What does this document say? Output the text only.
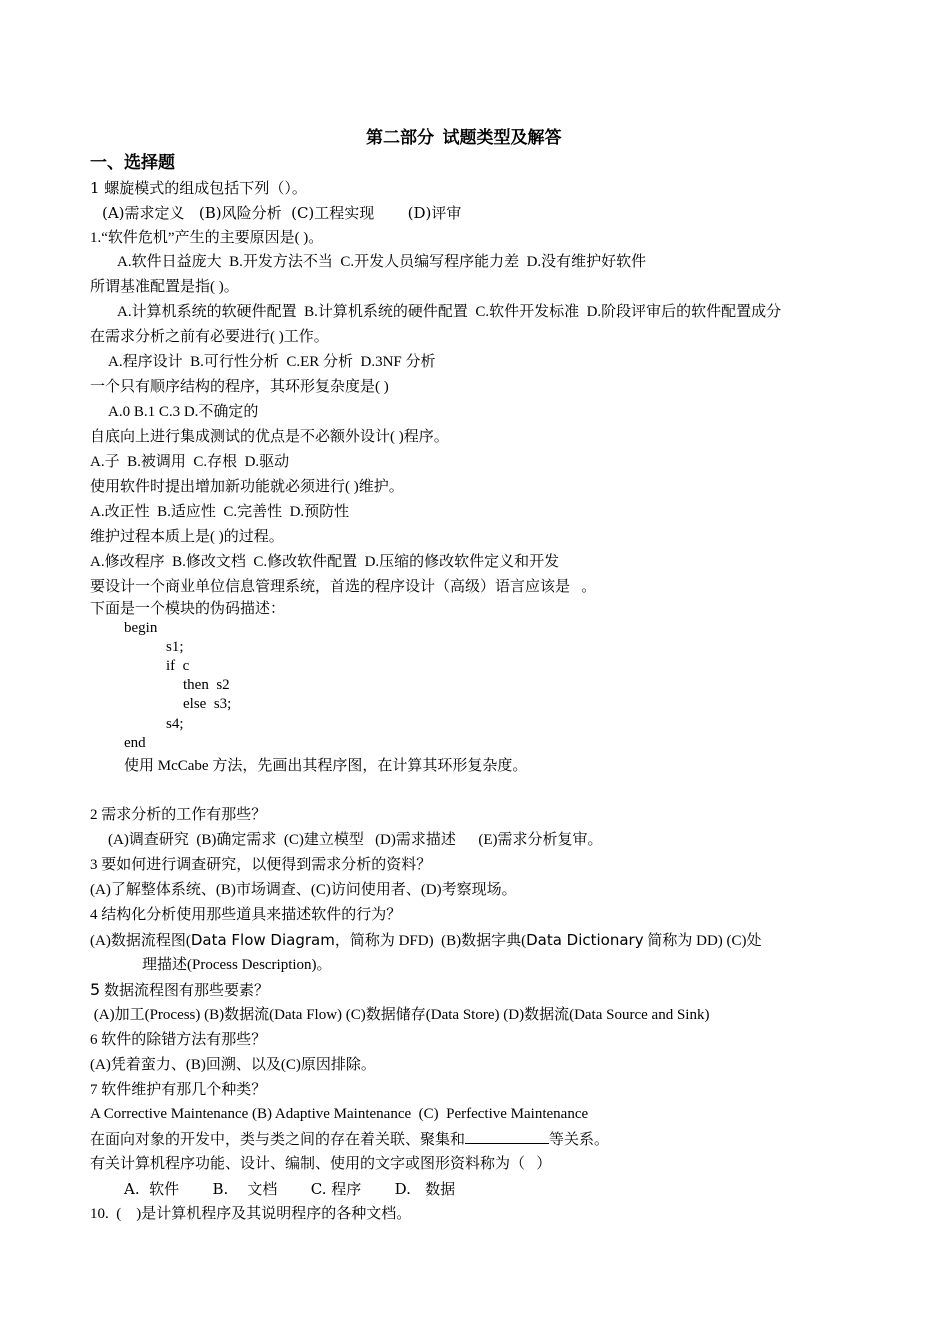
第二部分  试题类型及解答
一、选择题
1 螺旋模式的组成包括下列（）。
(A)需求定义   (B)风险分析  (C)工程实现       (D)评审
1.“软件危机”产生的主要原因是( )。
A.软件日益庞大  B.开发方法不当  C.开发人员编写程序能力差  D.没有维护好软件
所谓基准配置是指( )。
A.计算机系统的软硬件配置  B.计算机系统的硬件配置  C.软件开发标准  D.阶段评审后的软件配置成分
在需求分析之前有必要进行( )工作。
A.程序设计  B.可行性分析  C.ER 分析  D.3NF 分析
一个只有顺序结构的程序，其环形复杂度是( )
A.0 B.1 C.3 D.不确定的
自底向上进行集成测试的优点是不必额外设计( )程序。
A.子  B.被调用  C.存根  D.驱动
使用软件时提出增加新功能就必须进行( )维护。
A.改正性  B.适应性  C.完善性  D.预防性
维护过程本质上是( )的过程。
A.修改程序  B.修改文档  C.修改软件配置  D.压缩的修改软件定义和开发
要设计一个商业单位信息管理系统，首选的程序设计（高级）语言应该是   。
下面是一个模块的伪码描述：
begin
s1;
if  c
then  s2
else  s3;
s4;
end
使用 McCabe 方法，先画出其程序图，在计算其环形复杂度。
2 需求分析的工作有那些？
(A)调查研究  (B)确定需求  (C)建立模型   (D)需求描述      (E)需求分析复审。
3 要如何进行调查研究，以便得到需求分析的资料？
(A)了解整体系统、(B)市场调查、(C)访问使用者、(D)考察现场。
4 结构化分析使用那些道具来描述软件的行为？
(A)数据流程图(Data Flow Diagram，简称为 DFD)  (B)数据字典(Data Dictionary 简称为 DD) (C)处
理描述(Process Description)。
5 数据流程图有那些要素？
(A)加工(Process) (B)数据流(Data Flow) (C)数据储存(Data Store) (D)数据流(Data Source and Sink)
6 软件的除错方法有那些？
(A)凭着蛮力、(B)回溯、以及(C)原因排除。
7 软件维护有那几个种类？
A Corrective Maintenance (B) Adaptive Maintenance  (C)  Perfective Maintenance
在面向对象的开发中，类与类之间的存在着关联、聚集和	等关系。
有关计算机程序功能、设计、编制、使用的文字或图形资料称为（   ）
A.  软件       B.    文档       C. 程序       D.   数据
10.  (    )是计算机程序及其说明程序的各种文档。
